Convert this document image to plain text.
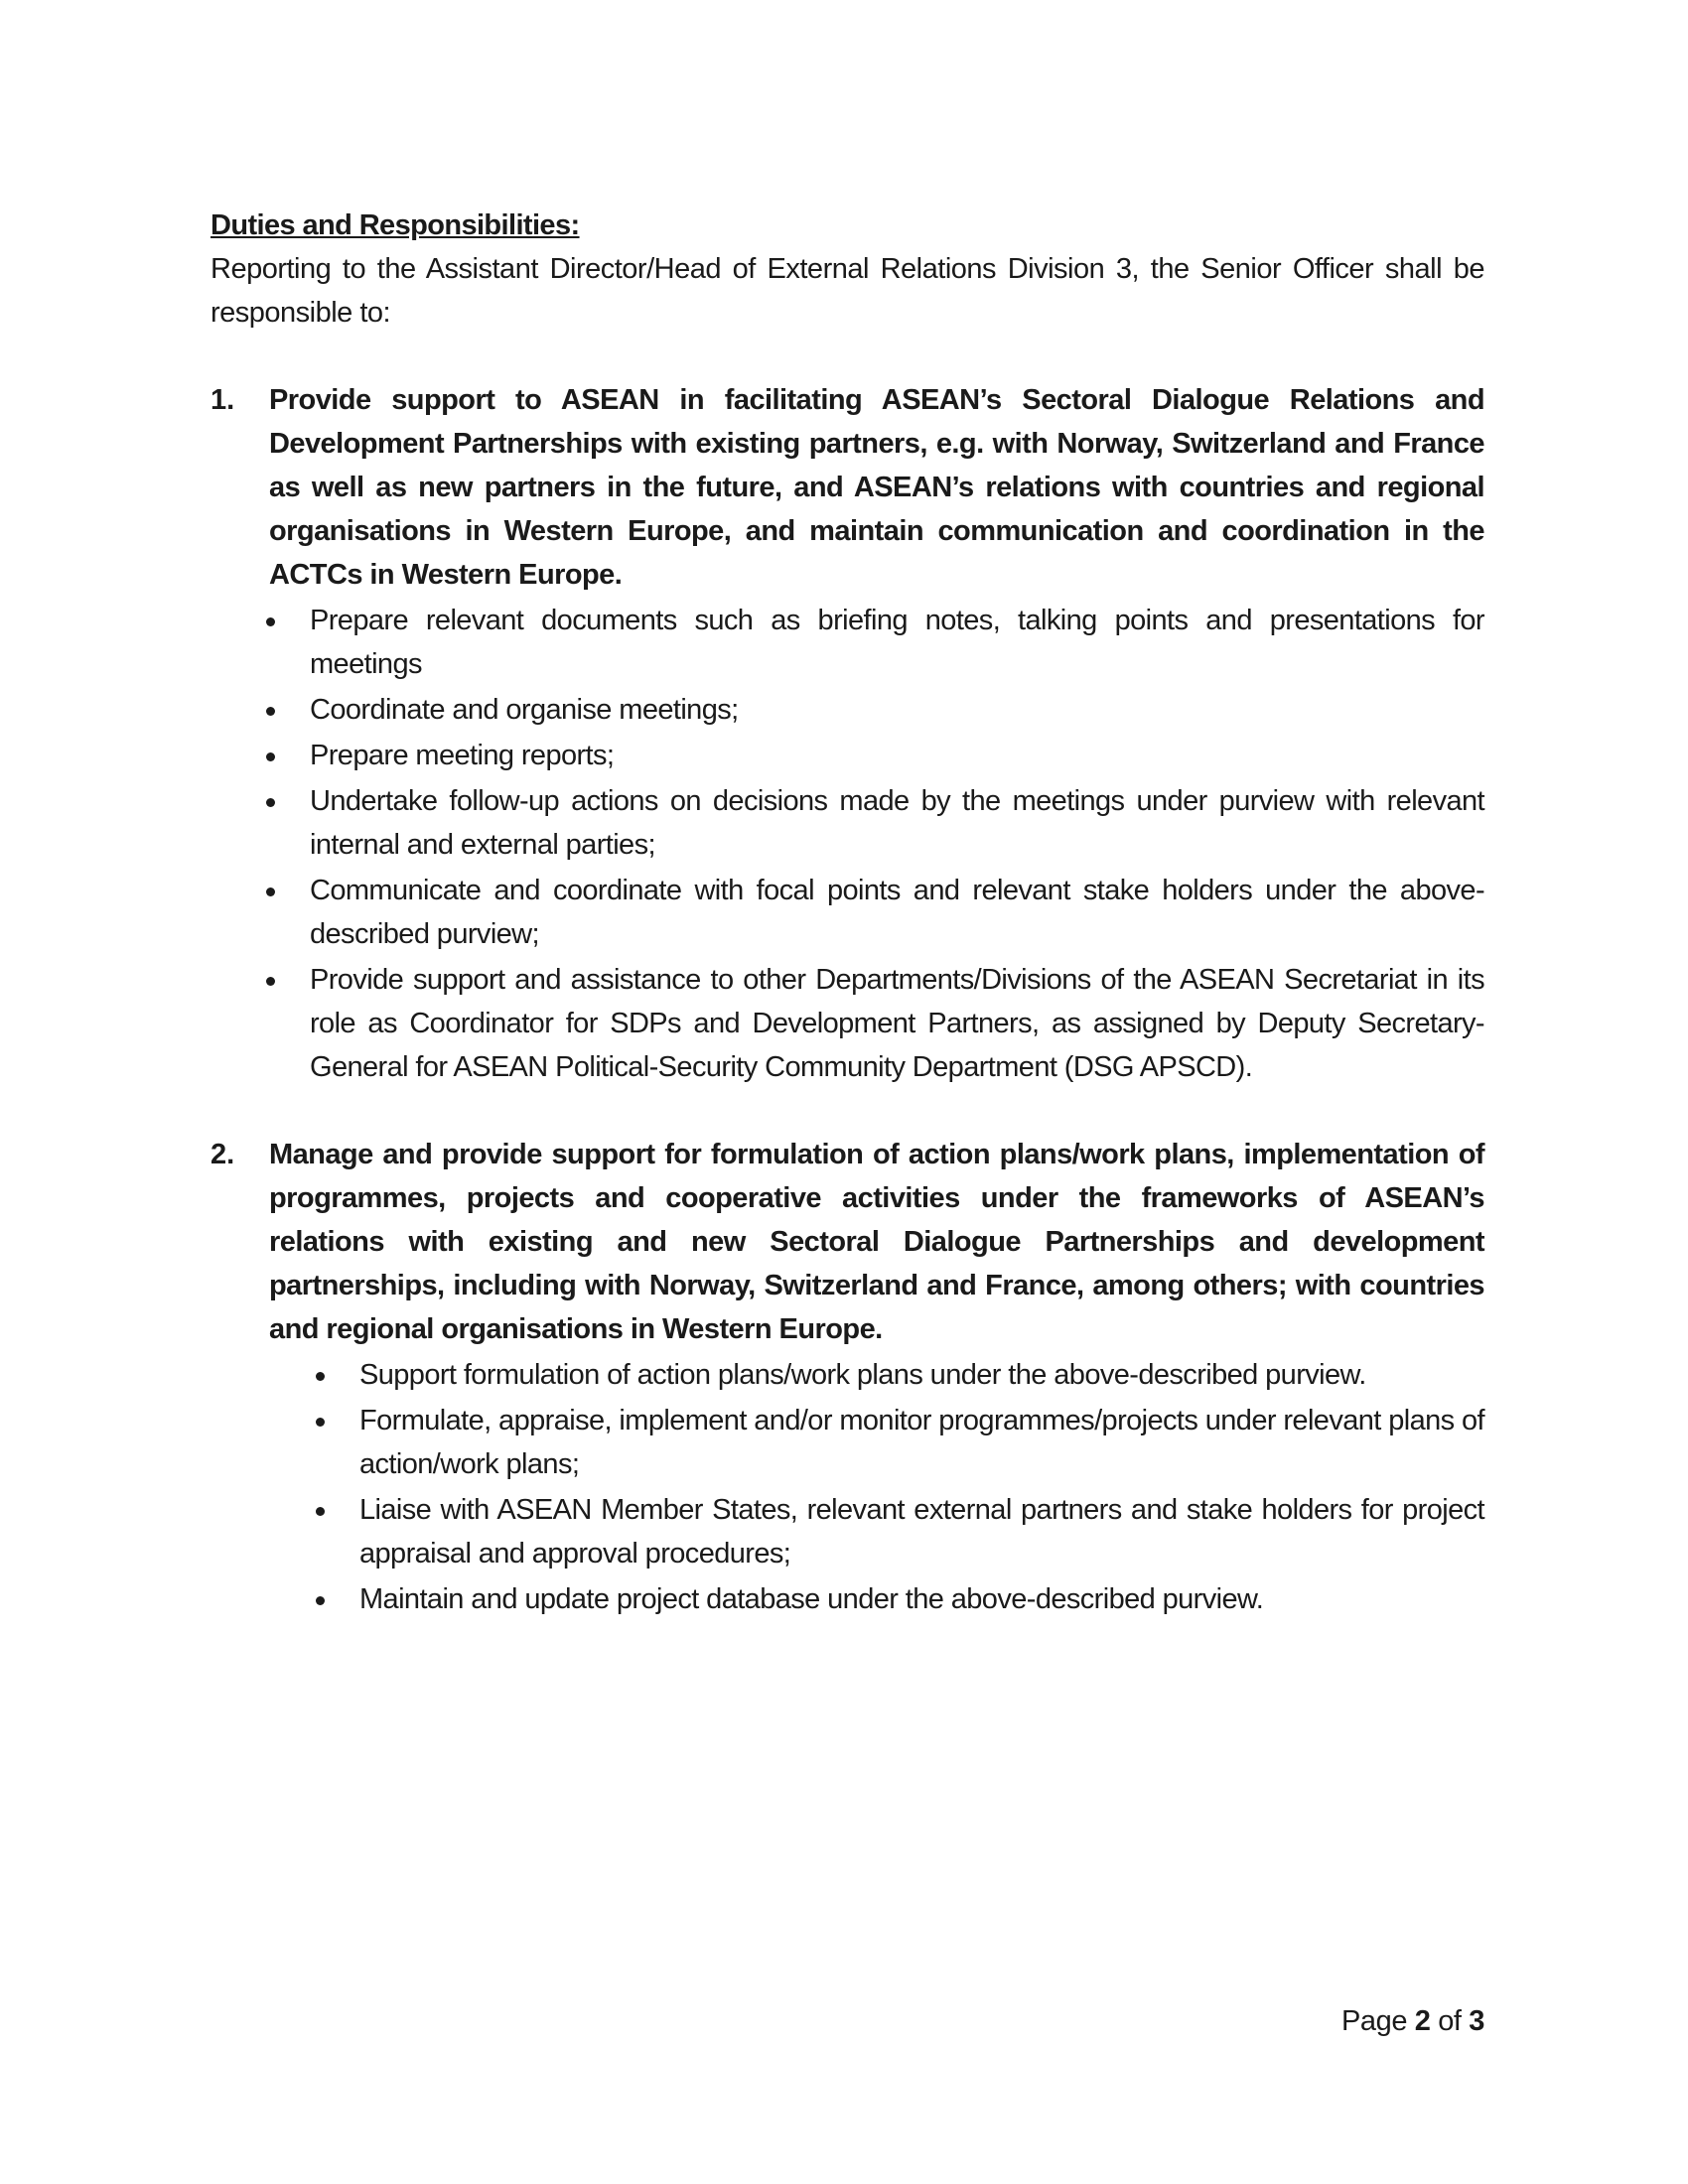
Duties and Responsibilities:

Reporting to the Assistant Director/Head of External Relations Division 3, the Senior Officer shall be responsible to:

1. Provide support to ASEAN in facilitating ASEAN’s Sectoral Dialogue Relations and Development Partnerships with existing partners, e.g. with Norway, Switzerland and France as well as new partners in the future, and ASEAN’s relations with countries and regional organisations in Western Europe, and maintain communication and coordination in the ACTCs in Western Europe.
Prepare relevant documents such as briefing notes, talking points and presentations for meetings
Coordinate and organise meetings;
Prepare meeting reports;
Undertake follow-up actions on decisions made by the meetings under purview with relevant internal and external parties;
Communicate and coordinate with focal points and relevant stake holders under the above-described purview;
Provide support and assistance to other Departments/Divisions of the ASEAN Secretariat in its role as Coordinator for SDPs and Development Partners, as assigned by Deputy Secretary-General for ASEAN Political-Security Community Department (DSG APSCD).
2. Manage and provide support for formulation of action plans/work plans, implementation of programmes, projects and cooperative activities under the frameworks of ASEAN’s relations with existing and new Sectoral Dialogue Partnerships and development partnerships, including with Norway, Switzerland and France, among others; with countries and regional organisations in Western Europe.
Support formulation of action plans/work plans under the above-described purview.
Formulate, appraise, implement and/or monitor programmes/projects under relevant plans of action/work plans;
Liaise with ASEAN Member States, relevant external partners and stake holders for project appraisal and approval procedures;
Maintain and update project database under the above-described purview.
Page 2 of 3
